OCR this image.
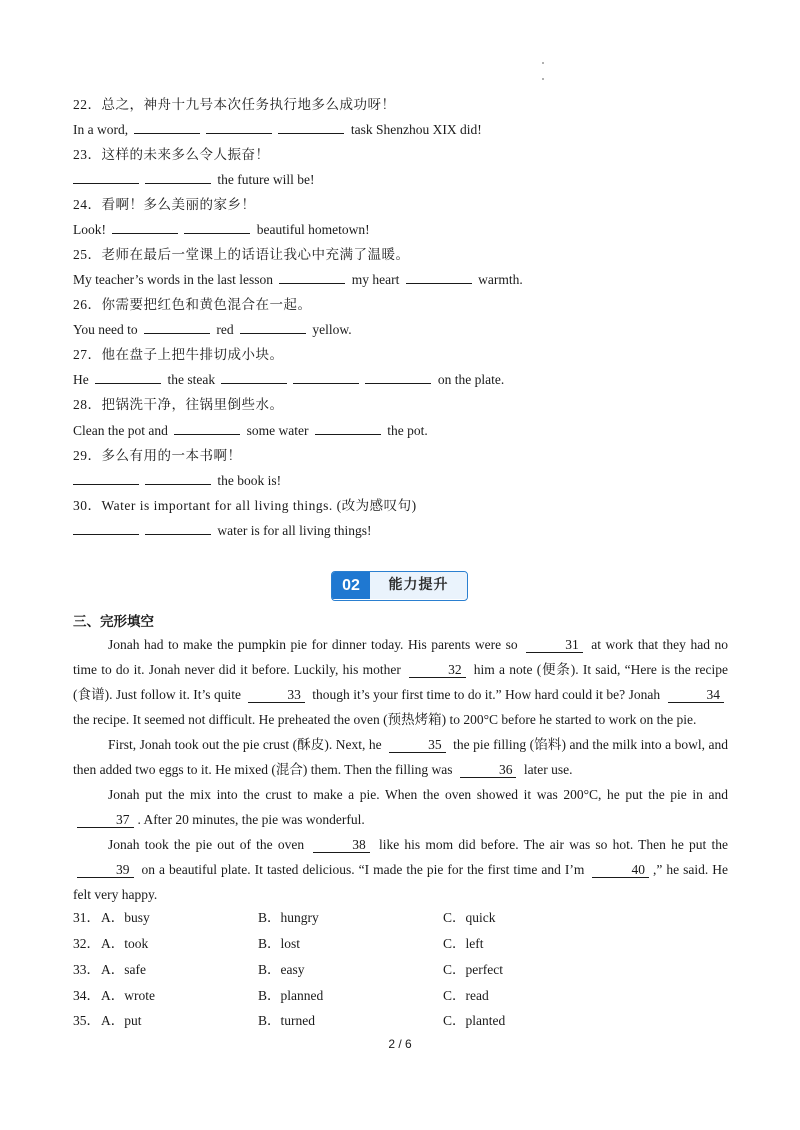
22．总之，神舟十九号本次任务执行地多么成功呀！
In a word,	task Shenzhou XIX did!
23．这样的未来多么令人振奋！
the future will be!
24．看啊！多么美丽的家乡！
Look!	beautiful hometown!
25．老师在最后一堂课上的话语让我心中充满了温暖。
My teacher’s words in the last lesson	my heart	warmth.
26．你需要把红色和黄色混合在一起。
You need to	red	yellow.
27．他在盘子上把牛排切成小块。
He	the steak	on the plate.
28．把锅洗干净，往锅里倒些水。
Clean the pot and	some water	the pot.
29．多么有用的一本书啊！
the book is!
30．Water is important for all living things. (改为感叹句)
water is for all living things!
02	能力提升
三、完形填空

Jonah had to make the pumpkin pie for dinner today. His parents were so	31 at work that they had no time to do it. Jonah never did it before. Luckily, his mother	32 him a note (便条). It said, “Here is the recipe (食谱). Just follow it. It’s quite	33 though it’s your first time to do it.” How hard could it be? Jonah	34 the recipe. It seemed not difficult. He preheated the oven (预热烤箱) to 200°C before he started to work on the pie.

First, Jonah took out the pie crust (酥皮). Next, he	35 the pie filling (馅料) and the milk into a bowl, and then added two eggs to it. He mixed (混合) them. Then the filling was	36 later use.

Jonah put the mix into the crust to make a pie. When the oven showed it was 200°C, he put the pie in and 37 . After 20 minutes, the pie was wonderful.

Jonah took the pie out of the oven	38 like his mom did before. The air was so hot. Then he put the 39 on a beautiful plate. It tasted delicious. “I made the pie for the first time and I’m	40 ,” he said. He felt very happy.

31． A．busy	B．hungry	C．quick
32． A．took	B．lost	C．left
33． A．safe	B．easy	C．perfect
34． A．wrote	B．planned	C．read
35． A．put	B．turned	C．planted
2 / 6
